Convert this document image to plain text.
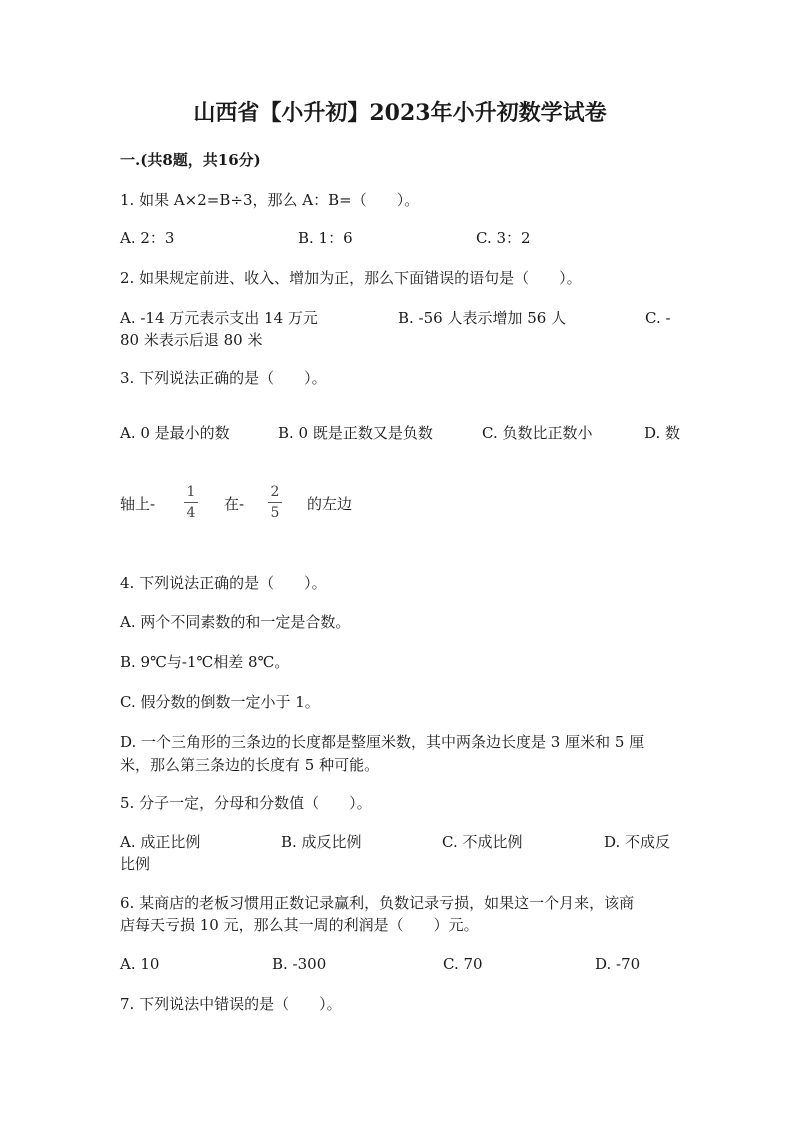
山西省【小升初】2023年小升初数学试卷
一.(共8题，共16分)
1. 如果 A×2=B÷3，那么 A：B=（　　）。
A. 2：3	B. 1：6	C. 3：2
2. 如果规定前进、收入、增加为正，那么下面错误的语句是（　　）。
A. -14 万元表示支出 14 万元	B. -56 人表示增加 56 人	C. -
80 米表示后退 80 米
3. 下列说法正确的是（　　）。
A. 0 是最小的数	B. 0 既是正数又是负数	C. 负数比正数小	D. 数
轴上-
1
4	在-
2
5	的左边
4. 下列说法正确的是（　　）。
A. 两个不同素数的和一定是合数。
B. 9℃与-1℃相差 8℃。
C. 假分数的倒数一定小于 1。
D. 一个三角形的三条边的长度都是整厘米数，其中两条边长度是 3 厘米和 5 厘
米，那么第三条边的长度有 5 种可能。
5. 分子一定，分母和分数值（　　）。
A. 成正比例	B. 成反比例	C. 不成比例	D. 不成反
比例
6. 某商店的老板习惯用正数记录赢利，负数记录亏损，如果这一个月来，该商
店每天亏损 10 元，那么其一周的利润是（　　）元。
A. 10	B. -300	C. 70	D. -70
7. 下列说法中错误的是（　　）。
